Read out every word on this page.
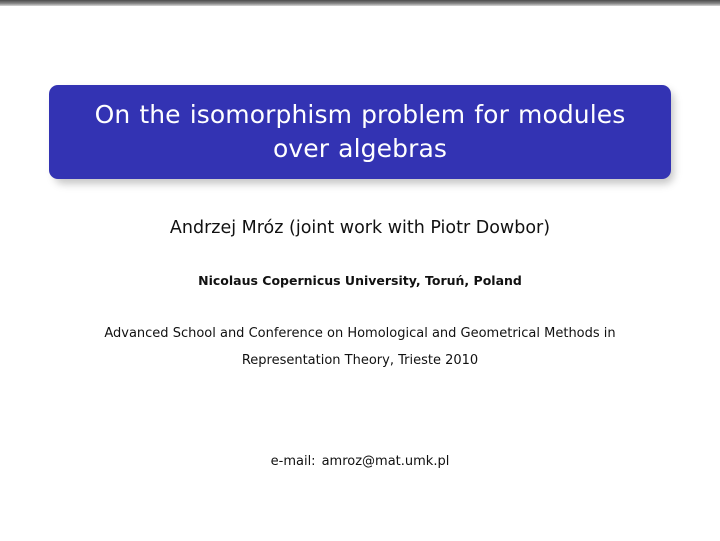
On the isomorphism problem for modules over algebras
Andrzej Mróz (joint work with Piotr Dowbor)
Nicolaus Copernicus University, Toruń, Poland
Advanced School and Conference on Homological and Geometrical Methods in
Representation Theory, Trieste 2010
e-mail: amroz@mat.umk.pl
